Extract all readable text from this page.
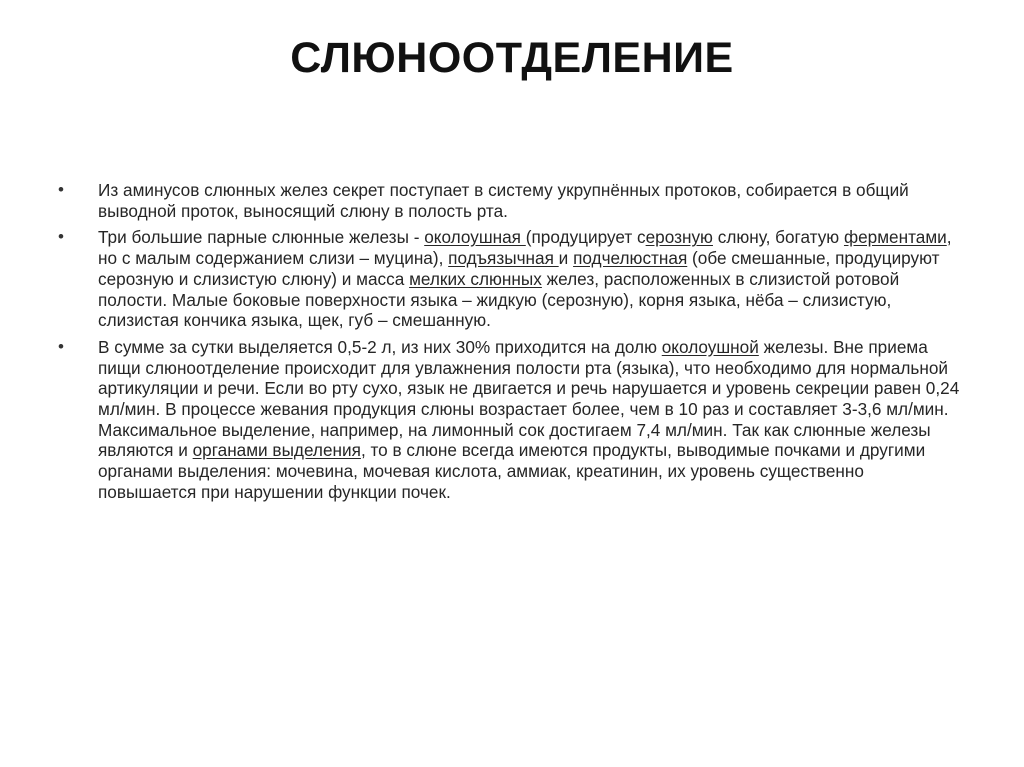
СЛЮНООТДЕЛЕНИЕ
• Из аминусов слюнных желез секрет поступает в систему укрупнённых протоков, собирается в общий выводной проток, выносящий слюну в полость рта.
• Три большие парные слюнные железы - околоушная (продуцирует серозную слюну, богатую ферментами, но с малым содержанием слизи – муцина), подъязычная и подчелюстная (обе смешанные, продуцируют серозную и слизистую слюну) и масса мелких слюнных желез, расположенных в слизистой ротовой полости. Малые боковые поверхности языка – жидкую (серозную), корня языка, нёба – слизистую, слизистая кончика языка, щек, губ – смешанную.
• В сумме за сутки выделяется 0,5-2 л, из них 30% приходится на долю околоушной железы. Вне приема пищи слюноотделение происходит для увлажнения полости рта (языка), что необходимо для нормальной артикуляции и речи. Если во рту сухо, язык не двигается и речь нарушается и уровень секреции равен 0,24 мл/мин. В процессе жевания продукция слюны возрастает более, чем в 10 раз и составляет 3-3,6 мл/мин. Максимальное выделение, например, на лимонный сок достигаем 7,4 мл/мин. Так как слюнные железы являются и органами выделения, то в слюне всегда имеются продукты, выводимые почками и другими органами выделения: мочевина, мочевая кислота, аммиак, креатинин, их уровень существенно повышается при нарушении функции почек.
